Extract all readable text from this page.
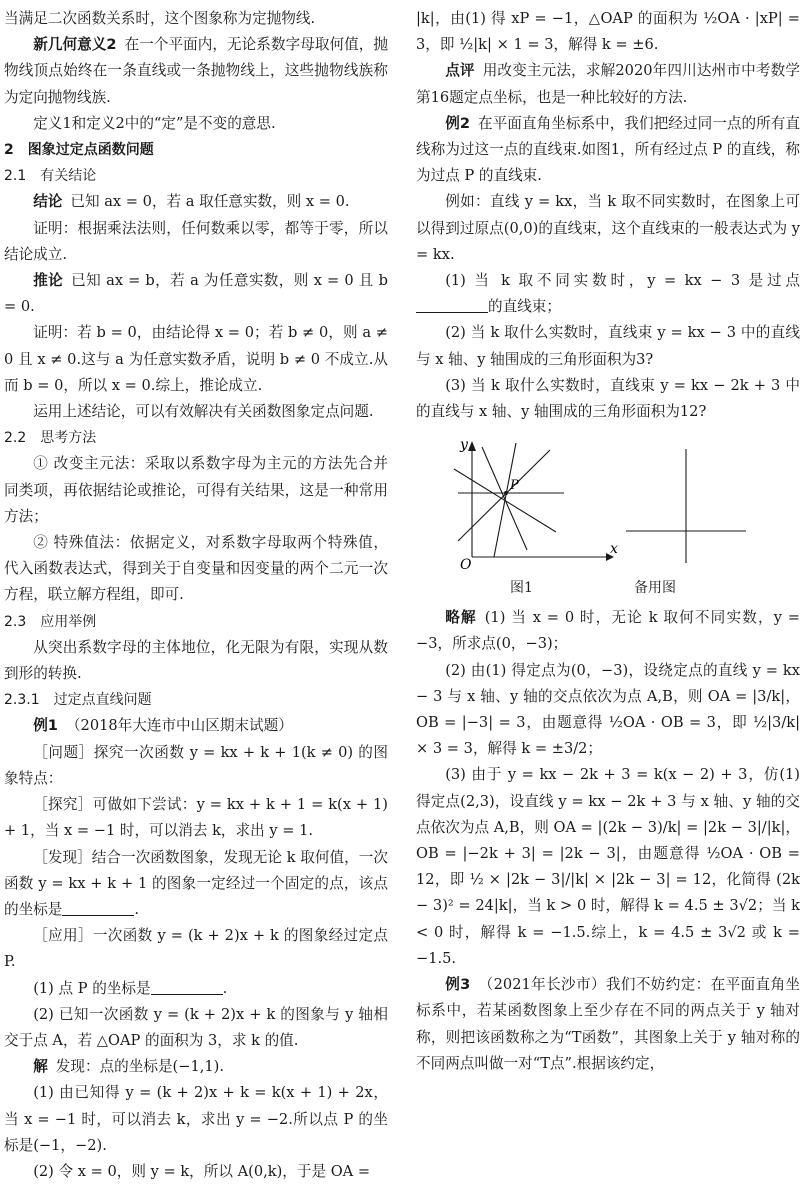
当满足二次函数关系时，这个图象称为定抛物线.

新几何意义2 在一个平面内，无论系数字母取何值，抛物线顶点始终在一条直线或一条抛物线上，这些抛物线族称为定向抛物线族.

定义1和定义2中的“定”是不变的意思.

2  图象过定点函数问题

2.1  有关结论

结论 已知 ax = 0，若 a 取任意实数，则 x = 0.

证明：根据乘法法则，任何数乘以零，都等于零，所以结论成立.

推论 已知 ax = b，若 a 为任意实数，则 x = 0 且 b = 0.

证明：若 b = 0，由结论得 x = 0；若 b ≠ 0，则 a ≠ 0 且 x ≠ 0.这与 a 为任意实数矛盾，说明 b ≠ 0 不成立.从而 b = 0，所以 x = 0.综上，推论成立.

运用上述结论，可以有效解决有关函数图象定点问题.

2.2  思考方法

① 改变主元法：采取以系数字母为主元的方法先合并同类项，再依据结论或推论，可得有关结果，这是一种常用方法；

② 特殊值法：依据定义，对系数字母取两个特殊值，代入函数表达式，得到关于自变量和因变量的两个二元一次方程，联立解方程组，即可.

2.3  应用举例

从突出系数字母的主体地位，化无限为有限，实现从数到形的转换.

2.3.1  过定点直线问题

例1 （2018年大连市中山区期末试题）

［问题］探究一次函数 y = kx + k + 1(k ≠ 0) 的图象特点：

［探究］可做如下尝试：y = kx + k + 1 = k(x + 1) + 1，当 x = −1 时，可以消去 k，求出 y = 1.

［发现］结合一次函数图象，发现无论 k 取何值，一次函数 y = kx + k + 1 的图象一定经过一个固定的点，该点的坐标是	.

［应用］一次函数 y = (k + 2)x + k 的图象经过定点 P.

(1) 点 P 的坐标是	.

(2) 已知一次函数 y = (k + 2)x + k 的图象与 y 轴相交于点 A，若 △OAP 的面积为 3，求 k 的值.

解 发现：点的坐标是(−1,1).

(1) 由已知得 y = (k + 2)x + k = k(x + 1) + 2x，当 x = −1 时，可以消去 k，求出 y = −2.所以点 P 的坐标是(−1，−2).

(2) 令 x = 0，则 y = k，所以 A(0,k)，于是 OA =

|k|，由(1) 得 xP = −1，△OAP 的面积为 ½OA · |xP| = 3，即 ½|k| × 1 = 3，解得 k = ±6.

点评 用改变主元法，求解2020年四川达州市中考数学第16题定点坐标，也是一种比较好的方法.

例2 在平面直角坐标系中，我们把经过同一点的所有直线称为过这一点的直线束.如图1，所有经过点 P 的直线，称为过点 P 的直线束.

例如：直线 y = kx，当 k 取不同实数时，在图象上可以得到过原点(0,0)的直线束，这个直线束的一般表达式为 y = kx.

(1) 当 k 取不同实数时，y = kx − 3 是过点的直线束；

(2) 当 k 取什么实数时，直线束 y = kx − 3 中的直线与 x 轴、y 轴围成的三角形面积为3?

(3) 当 k 取什么实数时，直线束 y = kx − 2k + 3 中的直线与 x 轴、y 轴围成的三角形面积为12?

y
x
O
P
图1	备用图

略解 (1) 当 x = 0 时，无论 k 取何不同实数，y = −3，所求点(0，−3)；

(2) 由(1) 得定点为(0，−3)，设绕定点的直线 y = kx − 3 与 x 轴、y 轴的交点依次为点 A,B，则 OA = |3/k|，OB = |−3| = 3，由题意得 ½OA · OB = 3，即 ½|3/k| × 3 = 3，解得 k = ±3/2；

(3) 由于 y = kx − 2k + 3 = k(x − 2) + 3，仿(1) 得定点(2,3)，设直线 y = kx − 2k + 3 与 x 轴、y 轴的交点依次为点 A,B，则 OA = |(2k − 3)/k| = |2k − 3|/|k|，OB = |−2k + 3| = |2k − 3|，由题意得 ½OA · OB = 12，即 ½ × |2k − 3|/|k| × |2k − 3| = 12，化简得 (2k − 3)² = 24|k|，当 k > 0 时，解得 k = 4.5 ± 3√2；当 k < 0 时，解得 k = −1.5.综上，k = 4.5 ± 3√2 或 k = −1.5.

例3 （2021年长沙市）我们不妨约定：在平面直角坐标系中，若某函数图象上至少存在不同的两点关于 y 轴对称，则把该函数称之为“T函数”，其图象上关于 y 轴对称的不同两点叫做一对“T点”.根据该约定，
